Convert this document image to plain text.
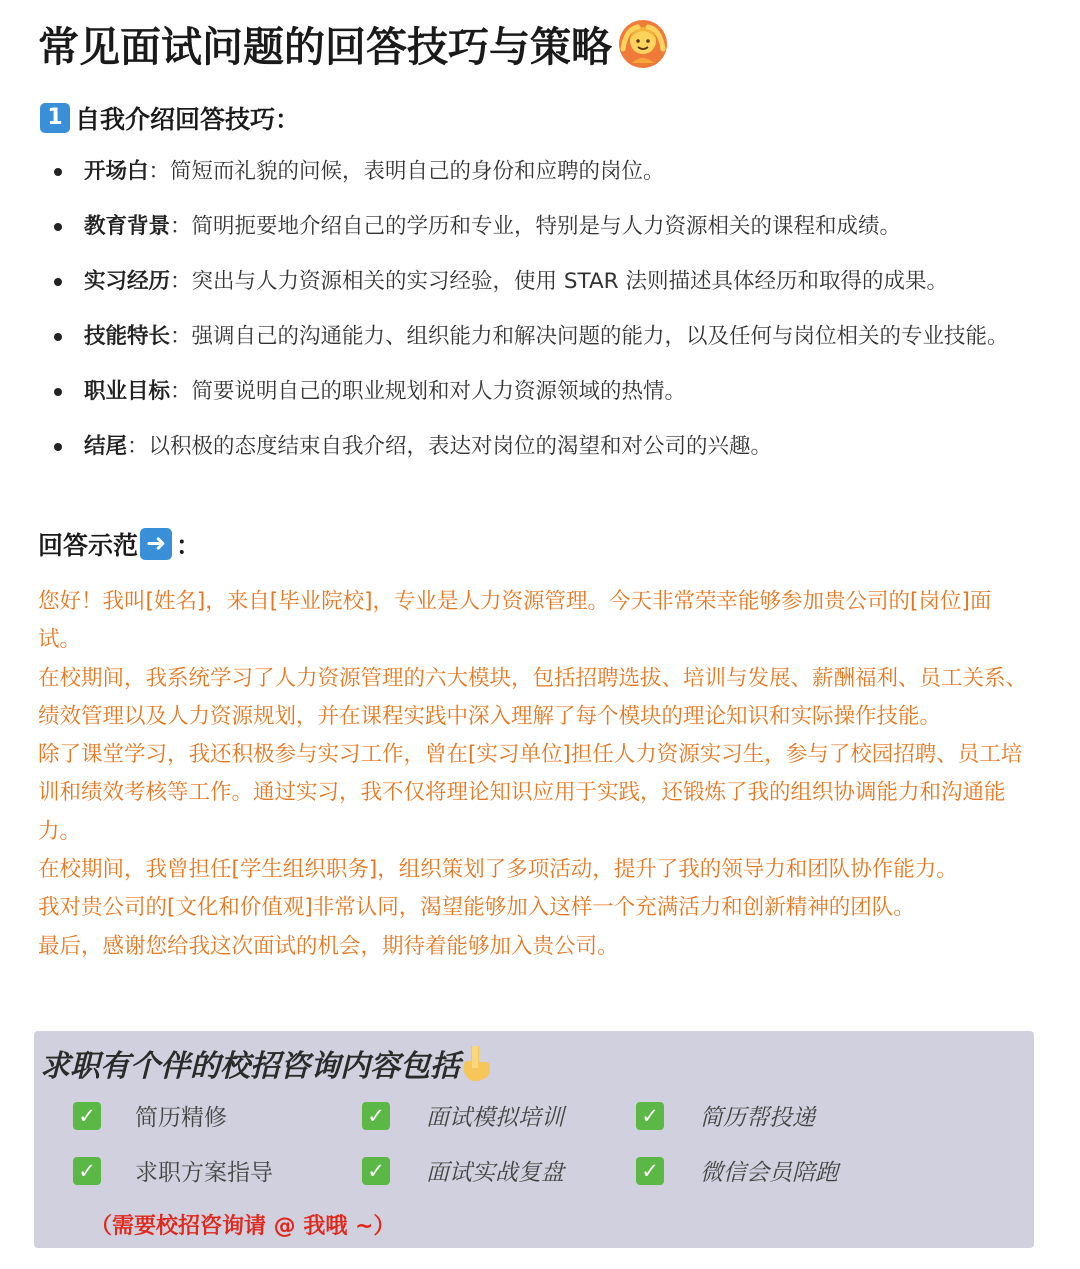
常见面试问题的回答技巧与策略
1 自我介绍回答技巧：
开场白：简短而礼貌的问候，表明自己的身份和应聘的岗位。
教育背景：简明扼要地介绍自己的学历和专业，特别是与人力资源相关的课程和成绩。
实习经历：突出与人力资源相关的实习经验，使用 STAR 法则描述具体经历和取得的成果。
技能特长：强调自己的沟通能力、组织能力和解决问题的能力，以及任何与岗位相关的专业技能。
职业目标：简要说明自己的职业规划和对人力资源领域的热情。
结尾：以积极的态度结束自我介绍，表达对岗位的渴望和对公司的兴趣。
回答示范 ➜ ：

您好！我叫[姓名]，来自[毕业院校]，专业是人力资源管理。今天非常荣幸能够参加贵公司的[岗位]面试。

在校期间，我系统学习了人力资源管理的六大模块，包括招聘选拔、培训与发展、薪酬福利、员工关系、绩效管理以及人力资源规划，并在课程实践中深入理解了每个模块的理论知识和实际操作技能。

除了课堂学习，我还积极参与实习工作，曾在[实习单位]担任人力资源实习生，参与了校园招聘、员工培训和绩效考核等工作。通过实习，我不仅将理论知识应用于实践，还锻炼了我的组织协调能力和沟通能力。

在校期间，我曾担任[学生组织职务]，组织策划了多项活动，提升了我的领导力和团队协作能力。

我对贵公司的[文化和价值观]非常认同，渴望能够加入这样一个充满活力和创新精神的团队。

最后，感谢您给我这次面试的机会，期待着能够加入贵公司。

求职有个伴的校招咨询内容包括
✓ 简历精修	✓ 面试模拟培训	✓ 简历帮投递
✓ 求职方案指导	✓ 面试实战复盘	✓ 微信会员陪跑
（需要校招咨询请 @ 我哦 ~）
